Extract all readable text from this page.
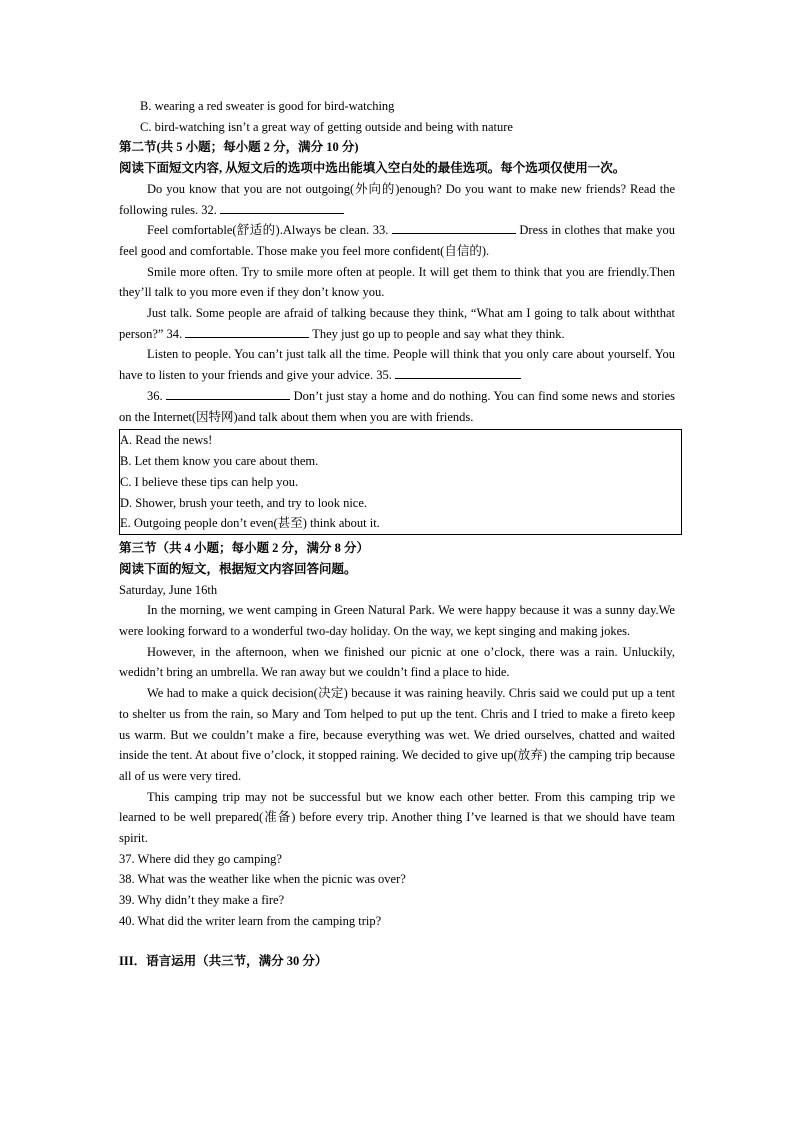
B. wearing a red sweater is good for bird-watching
C. bird-watching isn’t a great way of getting outside and being with nature
第二节(共 5 小题；每小题 2 分，满分 10 分)
阅读下面短文内容, 从短文后的选项中选出能填入空白处的最佳选项。每个选项仅使用一次。
Do you know that you are not outgoing(外向的)enough? Do you want to make new friends? Read the following rules. 32.
Feel comfortable(舒适的).Always be clean. 33.	Dress in clothes that make you feel good and comfortable. Those make you feel more confident(自信的).
Smile more often. Try to smile more often at people. It will get them to think that you are friendly.Then they’ll talk to you more even if they don’t know you.
Just talk. Some people are afraid of talking because they think, “What am I going to talk about withthat person?” 34.	They just go up to people and say what they think.
Listen to people. You can’t just talk all the time. People will think that you only care about yourself. You have to listen to your friends and give your advice. 35.
36.	Don’t just stay a home and do nothing. You can find some news and stories on the Internet(因特网)and talk about them when you are with friends.
A. Read the news!
B. Let them know you care about them.
C. I believe these tips can help you.
D. Shower, brush your teeth, and try to look nice.
E. Outgoing people don’t even(甚至) think about it.
第三节（共 4 小题；每小题 2 分，满分 8 分）
阅读下面的短文，根据短文内容回答问题。
Saturday, June 16th
In the morning, we went camping in Green Natural Park. We were happy because it was a sunny day.We were looking forward to a wonderful two-day holiday. On the way, we kept singing and making jokes.
However, in the afternoon, when we finished our picnic at one o’clock, there was a rain. Unluckily, wedidn’t bring an umbrella. We ran away but we couldn’t find a place to hide.
We had to make a quick decision(决定) because it was raining heavily. Chris said we could put up a tent to shelter us from the rain, so Mary and Tom helped to put up the tent. Chris and I tried to make a fireto keep us warm. But we couldn’t make a fire, because everything was wet. We dried ourselves, chatted and waited inside the tent. At about five o’clock, it stopped raining. We decided to give up(放弃) the camping trip because all of us were very tired.
This camping trip may not be successful but we know each other better. From this camping trip we learned to be well prepared(准备) before every trip. Another thing I’ve learned is that we should have team spirit.
37. Where did they go camping?
38. What was the weather like when the picnic was over?
39. Why didn’t they make a fire?
40. What did the writer learn from the camping trip?
III．语言运用（共三节，满分 30 分）
